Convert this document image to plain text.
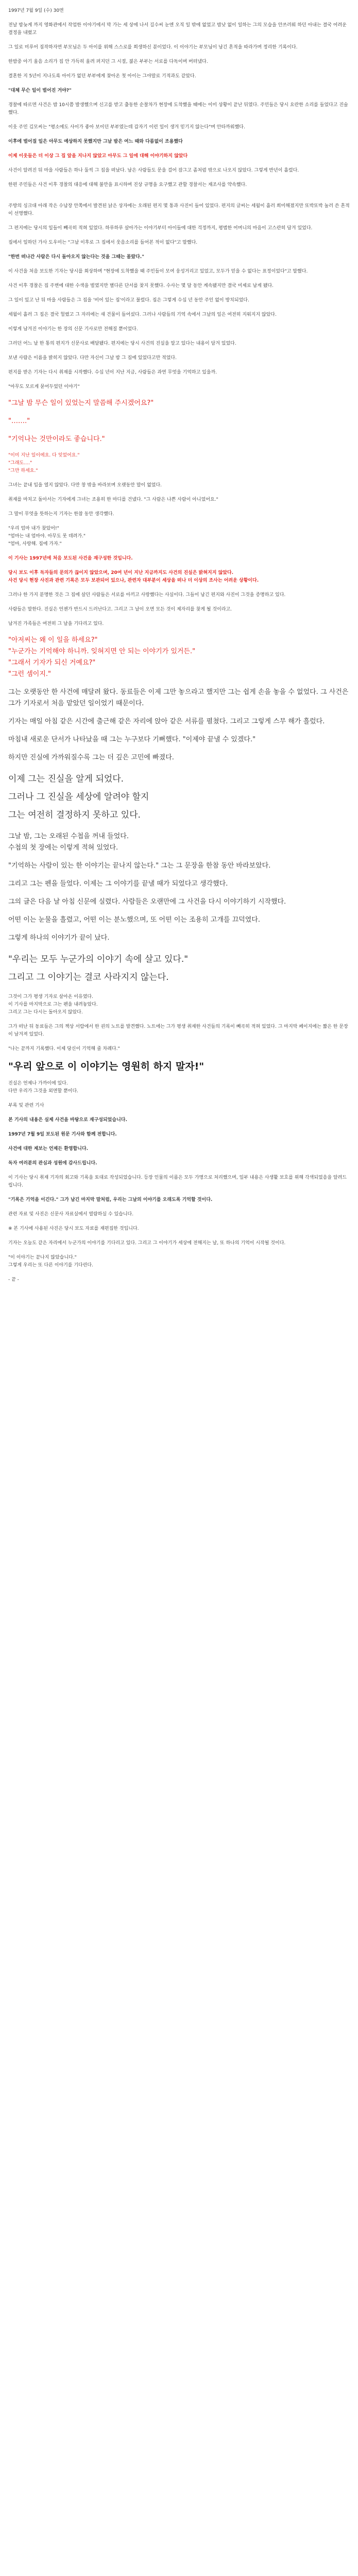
1997년 7월 9일 (수) 30면

전날 밤늦게 까지 영화관에서 작업한 이야기에서 막 가는 세 상에 나서 길수씨 눈엔 오직 일 밖에 없었고 밤낮 없이 일하는 그의 모습을 안쓰러워 하던 아내는 결국 어려운 결정을 내렸고

그 일로 미루어 짐작하자면 부모님은 두 아이를 위해 스스로를 희생하신 분이었다. 이 이야기는 부모님이 남긴 흔적을 따라가며 정리한 기록이다.

한밤중 아기 울음 소리가 집 안 가득히 울려 퍼지던 그 시절, 젊은 부부는 서로를 다독이며 버텨냈다.

결혼한 지 5년이 지나도록 아이가 없던 부부에게 찾아온 첫 아이는 그야말로 기적과도 같았다.

"대체 무슨 일이 벌어진 거야?"

경찰에 따르면 사건은 밤 10시쯤 발생했으며 신고를 받고 출동한 순찰차가 현장에 도착했을 때에는 이미 상황이 끝난 뒤였다. 주민들은 당시 요란한 소리를 들었다고 진술했다.

이웃 주민 김모씨는 "평소에도 사이가 좋아 보이던 부부였는데 갑자기 이런 일이 생겨 믿기지 않는다"며 안타까워했다.

이후에 벌어질 일은 아무도 예상하지 못했지만 그날 밤은 여느 때와 다름없이 조용했다

이제 이웃들은 더 이상 그 집 앞을 지나지 않았고 아무도 그 일에 대해 이야기하지 않았다

사건이 알려진 뒤 마을 사람들은 하나 둘씩 그 집을 떠났다. 남은 사람들도 문을 걸어 잠그고 좀처럼 밖으로 나오지 않았다. 그렇게 반년이 흘렀다.

한편 주민들은 사건 이후 경찰의 대응에 대해 불만을 표시하며 진상 규명을 요구했고 관할 경찰서는 재조사를 약속했다.

주방의 싱크대 아래 작은 수납장 안쪽에서 발견된 낡은 상자에는 오래된 편지 몇 통과 사진이 들어 있었다. 편지의 글씨는 세월이 흘러 희미해졌지만 또박또박 눌러 쓴 흔적이 선명했다.

그 편지에는 당시의 일들이 빼곡히 적혀 있었다. 하루하루 살아가는 이야기부터 아이들에 대한 걱정까지, 평범한 어머니의 마음이 고스란히 담겨 있었다.

집에서 일하던 가사 도우미는 "그날 이후로 그 집에서 웃음소리를 들어본 적이 없다"고 말했다.

"한번 떠나간 사람은 다시 돌아오지 않는다는 것을 그때는 몰랐다."

이 사건을 처음 보도한 기자는 당시를 회상하며 "현장에 도착했을 때 주민들이 모여 웅성거리고 있었고, 모두가 믿을 수 없다는 표정이었다"고 말했다.

사건 이후 경찰은 집 주변에 대한 수색을 벌였지만 별다른 단서를 찾지 못했다. 수사는 몇 달 동안 계속됐지만 결국 미제로 남게 됐다.

그 일이 있고 난 뒤 마을 사람들은 그 집을 '비어 있는 집'이라고 불렀다. 집은 그렇게 수십 년 동안 주인 없이 방치되었다.

세월이 흘러 그 집은 결국 헐렸고 그 자리에는 새 건물이 들어섰다. 그러나 사람들의 기억 속에서 그날의 일은 여전히 지워지지 않았다.

이렇게 남겨진 이야기는 한 장의 신문 기사로만 전해질 뿐이었다.

그러던 어느 날 한 통의 편지가 신문사로 배달됐다. 편지에는 당시 사건의 진실을 알고 있다는 내용이 담겨 있었다.

보낸 사람은 이름을 밝히지 않았다. 다만 자신이 그날 밤 그 집에 있었다고만 적었다.

편지를 받은 기자는 다시 취재를 시작했다. 수십 년이 지난 지금, 사람들은 과연 무엇을 기억하고 있을까.

"아무도 모르게 묻어두었던 이야기"

"그날 밤 무슨 일이 있었는지 말씀해 주시겠어요?"

"……."

"기억나는 것만이라도 좋습니다."

"이미 지난 일이에요. 다 잊었어요."

"그래도…."

"그만 하세요."

그녀는 끝내 입을 열지 않았다. 다만 창 밖을 바라보며 오랫동안 말이 없었다.

취재를 마치고 돌아서는 기자에게 그녀는 조용히 한 마디를 건넸다. "그 사람은 나쁜 사람이 아니었어요."

그 말이 무엇을 뜻하는지 기자는 한참 동안 생각했다.

"우리 엄마 내가 찾았어!"

"엄마는 내 엄마야. 아무도 못 데려가."

"엄마, 사랑해. 집에 가자."

이 기사는 1997년에 처음 보도된 사건을 재구성한 것입니다.

당시 보도 이후 독자들의 문의가 끊이지 않았으며, 20여 년이 지난 지금까지도 사건의 진실은 밝혀지지 않았다.

사건 당시 현장 사진과 관련 기록은 모두 보관되어 있으나, 관련자 대부분이 세상을 떠나 더 이상의 조사는 어려운 상황이다.

그러나 한 가지 분명한 것은 그 집에 살던 사람들은 서로를 아끼고 사랑했다는 사실이다. 그들이 남긴 편지와 사진이 그것을 증명하고 있다.

사람들은 말한다. 진실은 언젠가 반드시 드러난다고. 그리고 그 날이 오면 모든 것이 제자리를 찾게 될 것이라고.

남겨진 가족들은 여전히 그 날을 기다리고 있다.

"아저씨는 왜 이 일을 하세요?"

"누군가는 기억해야 하니까. 잊혀지면 안 되는 이야기가 있거든."

"그래서 기자가 되신 거예요?"

"그런 셈이지."

그는 오랫동안 한 사건에 매달려 왔다. 동료들은 이제 그만 놓으라고 했지만 그는 쉽게 손을 놓을 수 없었다. 그 사건은 그가 기자로서 처음 맡았던 일이었기 때문이다.

기자는 매일 아침 같은 시간에 출근해 같은 자리에 앉아 같은 서류를 펼쳤다. 그리고 그렇게 스무 해가 흘렀다.

마침내 새로운 단서가 나타났을 때 그는 누구보다 기뻐했다. "이제야 끝낼 수 있겠다."

하지만 진실에 가까워질수록 그는 더 깊은 고민에 빠졌다.

이제 그는 진실을 알게 되었다.

그러나 그 진실을 세상에 알려야 할지

그는 여전히 결정하지 못하고 있다.

그날 밤, 그는 오래된 수첩을 꺼내 들었다.

수첩의 첫 장에는 이렇게 적혀 있었다.

"기억하는 사람이 있는 한 이야기는 끝나지 않는다." 그는 그 문장을 한참 동안 바라보았다.

그리고 그는 펜을 들었다. 이제는 그 이야기를 끝낼 때가 되었다고 생각했다.

그의 글은 다음 날 아침 신문에 실렸다. 사람들은 오랜만에 그 사건을 다시 이야기하기 시작했다.

어떤 이는 눈물을 흘렸고, 어떤 이는 분노했으며, 또 어떤 이는 조용히 고개를 끄덕였다.

그렇게 하나의 이야기가 끝이 났다.

"우리는 모두 누군가의 이야기 속에 살고 있다."

그리고 그 이야기는 결코 사라지지 않는다.

그것이 그가 평생 기자로 살아온 이유였다.

이 기사를 마지막으로 그는 펜을 내려놓았다.

그리고 그는 다시는 돌아오지 않았다.

그가 떠난 뒤 동료들은 그의 책상 서랍에서 한 권의 노트를 발견했다. 노트에는 그가 평생 취재한 사건들의 기록이 빼곡히 적혀 있었다. 그 마지막 페이지에는 짧은 한 문장이 남겨져 있었다.

"나는 끝까지 기록했다. 이제 당신이 기억해 줄 차례다."

"우리 앞으로 이 이야기는 영원히 하지 말자!"

진실은 언제나 가까이에 있다.

다만 우리가 그것을 외면할 뿐이다.

부록 및 관련 기사

본 기사의 내용은 실제 사건을 바탕으로 재구성되었습니다.

1997년 7월 9일 보도된 원문 기사와 함께 전합니다.

사건에 대한 제보는 언제든 환영합니다.

독자 여러분의 관심과 성원에 감사드립니다.

이 기사는 당시 취재 기자의 회고와 기록을 토대로 작성되었습니다. 등장 인물의 이름은 모두 가명으로 처리했으며, 일부 내용은 사생활 보호를 위해 각색되었음을 알려드립니다.

"기록은 기억을 이긴다." 그가 남긴 마지막 말처럼, 우리는 그날의 이야기를 오래도록 기억할 것이다.

관련 자료 및 사진은 신문사 자료실에서 열람하실 수 있습니다.

※ 본 기사에 사용된 사진은 당시 보도 자료를 재편집한 것입니다.

기자는 오늘도 같은 자리에서 누군가의 이야기를 기다리고 있다. 그리고 그 이야기가 세상에 전해지는 날, 또 하나의 기억이 시작될 것이다.

"이 이야기는 끝나지 않았습니다."

그렇게 우리는 또 다른 이야기를 기다린다.

- 끝 -
